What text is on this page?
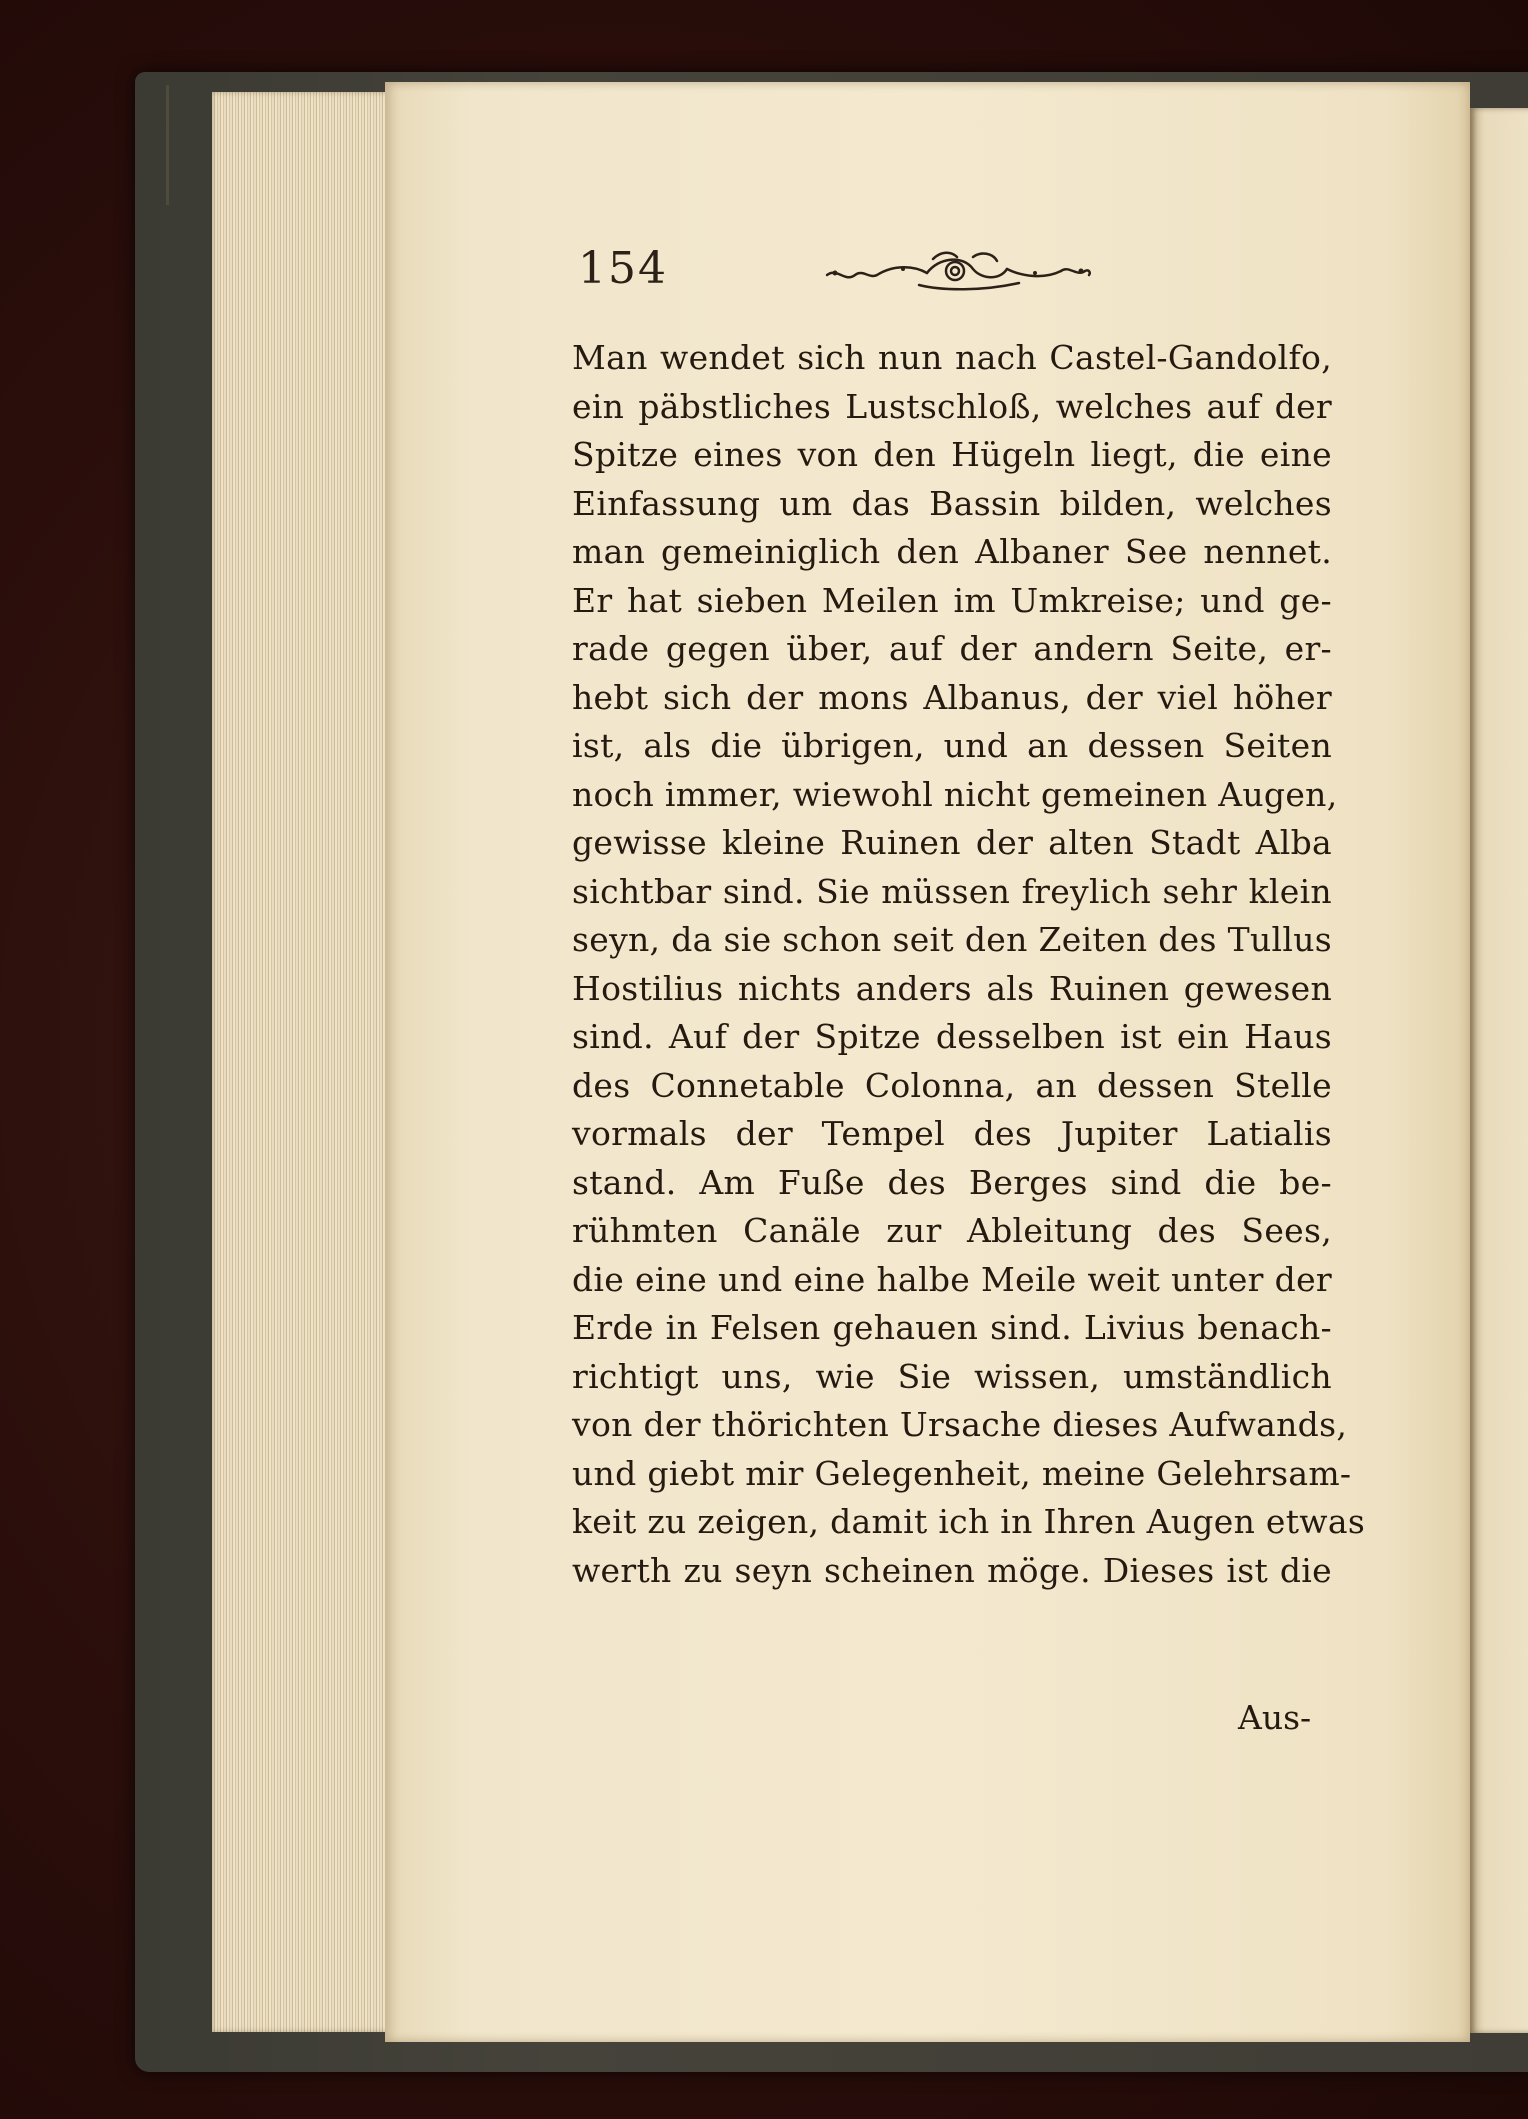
154
Man wendet sich nun nach Castel-Gandolfo,
ein päbstliches Lustschloß, welches auf der
Spitze eines von den Hügeln liegt, die eine
Einfassung um das Bassin bilden, welches
man gemeiniglich den Albaner See nennet.
Er hat sieben Meilen im Umkreise; und ge-
rade gegen über, auf der andern Seite, er-
hebt sich der mons Albanus, der viel höher
ist, als die übrigen, und an dessen Seiten
noch immer, wiewohl nicht gemeinen Augen,
gewisse kleine Ruinen der alten Stadt Alba
sichtbar sind. Sie müssen freylich sehr klein
seyn, da sie schon seit den Zeiten des Tullus
Hostilius nichts anders als Ruinen gewesen
sind. Auf der Spitze desselben ist ein Haus
des Connetable Colonna, an dessen Stelle
vormals der Tempel des Jupiter Latialis
stand. Am Fuße des Berges sind die be-
rühmten Canäle zur Ableitung des Sees,
die eine und eine halbe Meile weit unter der
Erde in Felsen gehauen sind. Livius benach-
richtigt uns, wie Sie wissen, umständlich
von der thörichten Ursache dieses Aufwands,
und giebt mir Gelegenheit, meine Gelehrsam-
keit zu zeigen, damit ich in Ihren Augen etwas
werth zu seyn scheinen möge. Dieses ist die
Aus-
